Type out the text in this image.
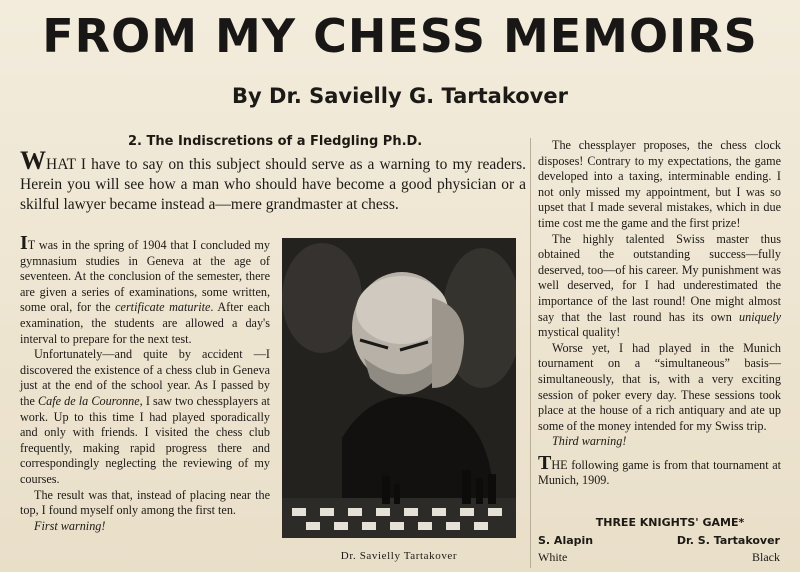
FROM MY CHESS MEMOIRS
By Dr. Savielly G. Tartakover
2. The Indiscretions of a Fledgling Ph.D.
WHAT I have to say on this subject should serve as a warning to my readers. Herein you will see how a man who should have become a good physician or a skilful lawyer became instead a—mere grandmaster at chess.

IT was in the spring of 1904 that I concluded my gymnasium studies in Geneva at the age of seventeen. At the conclusion of the semester, there are given a series of examinations, some written, some oral, for the certificate maturite. After each examination, the students are allowed a day's interval to prepare for the next test.

Unfortunately—and quite by accident —I discovered the existence of a chess club in Geneva just at the end of the school year. As I passed by the Cafe de la Couronne, I saw two chessplayers at work. Up to this time I had played sporadically and only with friends. I visited the chess club frequently, making rapid progress there and correspondingly neglecting the reviewing of my courses.

The result was that, instead of placing near the top, I found myself only among the first ten.

First warning!

Dr. Savielly Tartakover

The chessplayer proposes, the chess clock disposes! Contrary to my expectations, the game developed into a taxing, interminable ending. I not only missed my appointment, but I was so upset that I made several mistakes, which in due time cost me the game and the first prize!

The highly talented Swiss master thus obtained the outstanding success—fully deserved, too—of his career. My punishment was well deserved, for I had underestimated the importance of the last round! One might almost say that the last round has its own uniquely mystical quality!

Worse yet, I had played in the Munich tournament on a “simultaneous” basis—simultaneously, that is, with a very exciting session of poker every day. These sessions took place at the house of a rich antiquary and ate up some of the money intended for my Swiss trip.

Third warning!

THE following game is from that tournament at Munich, 1909.

THREE KNIGHTS' GAME*
S. Alapin	Dr. S. Tartakover
White	Black
